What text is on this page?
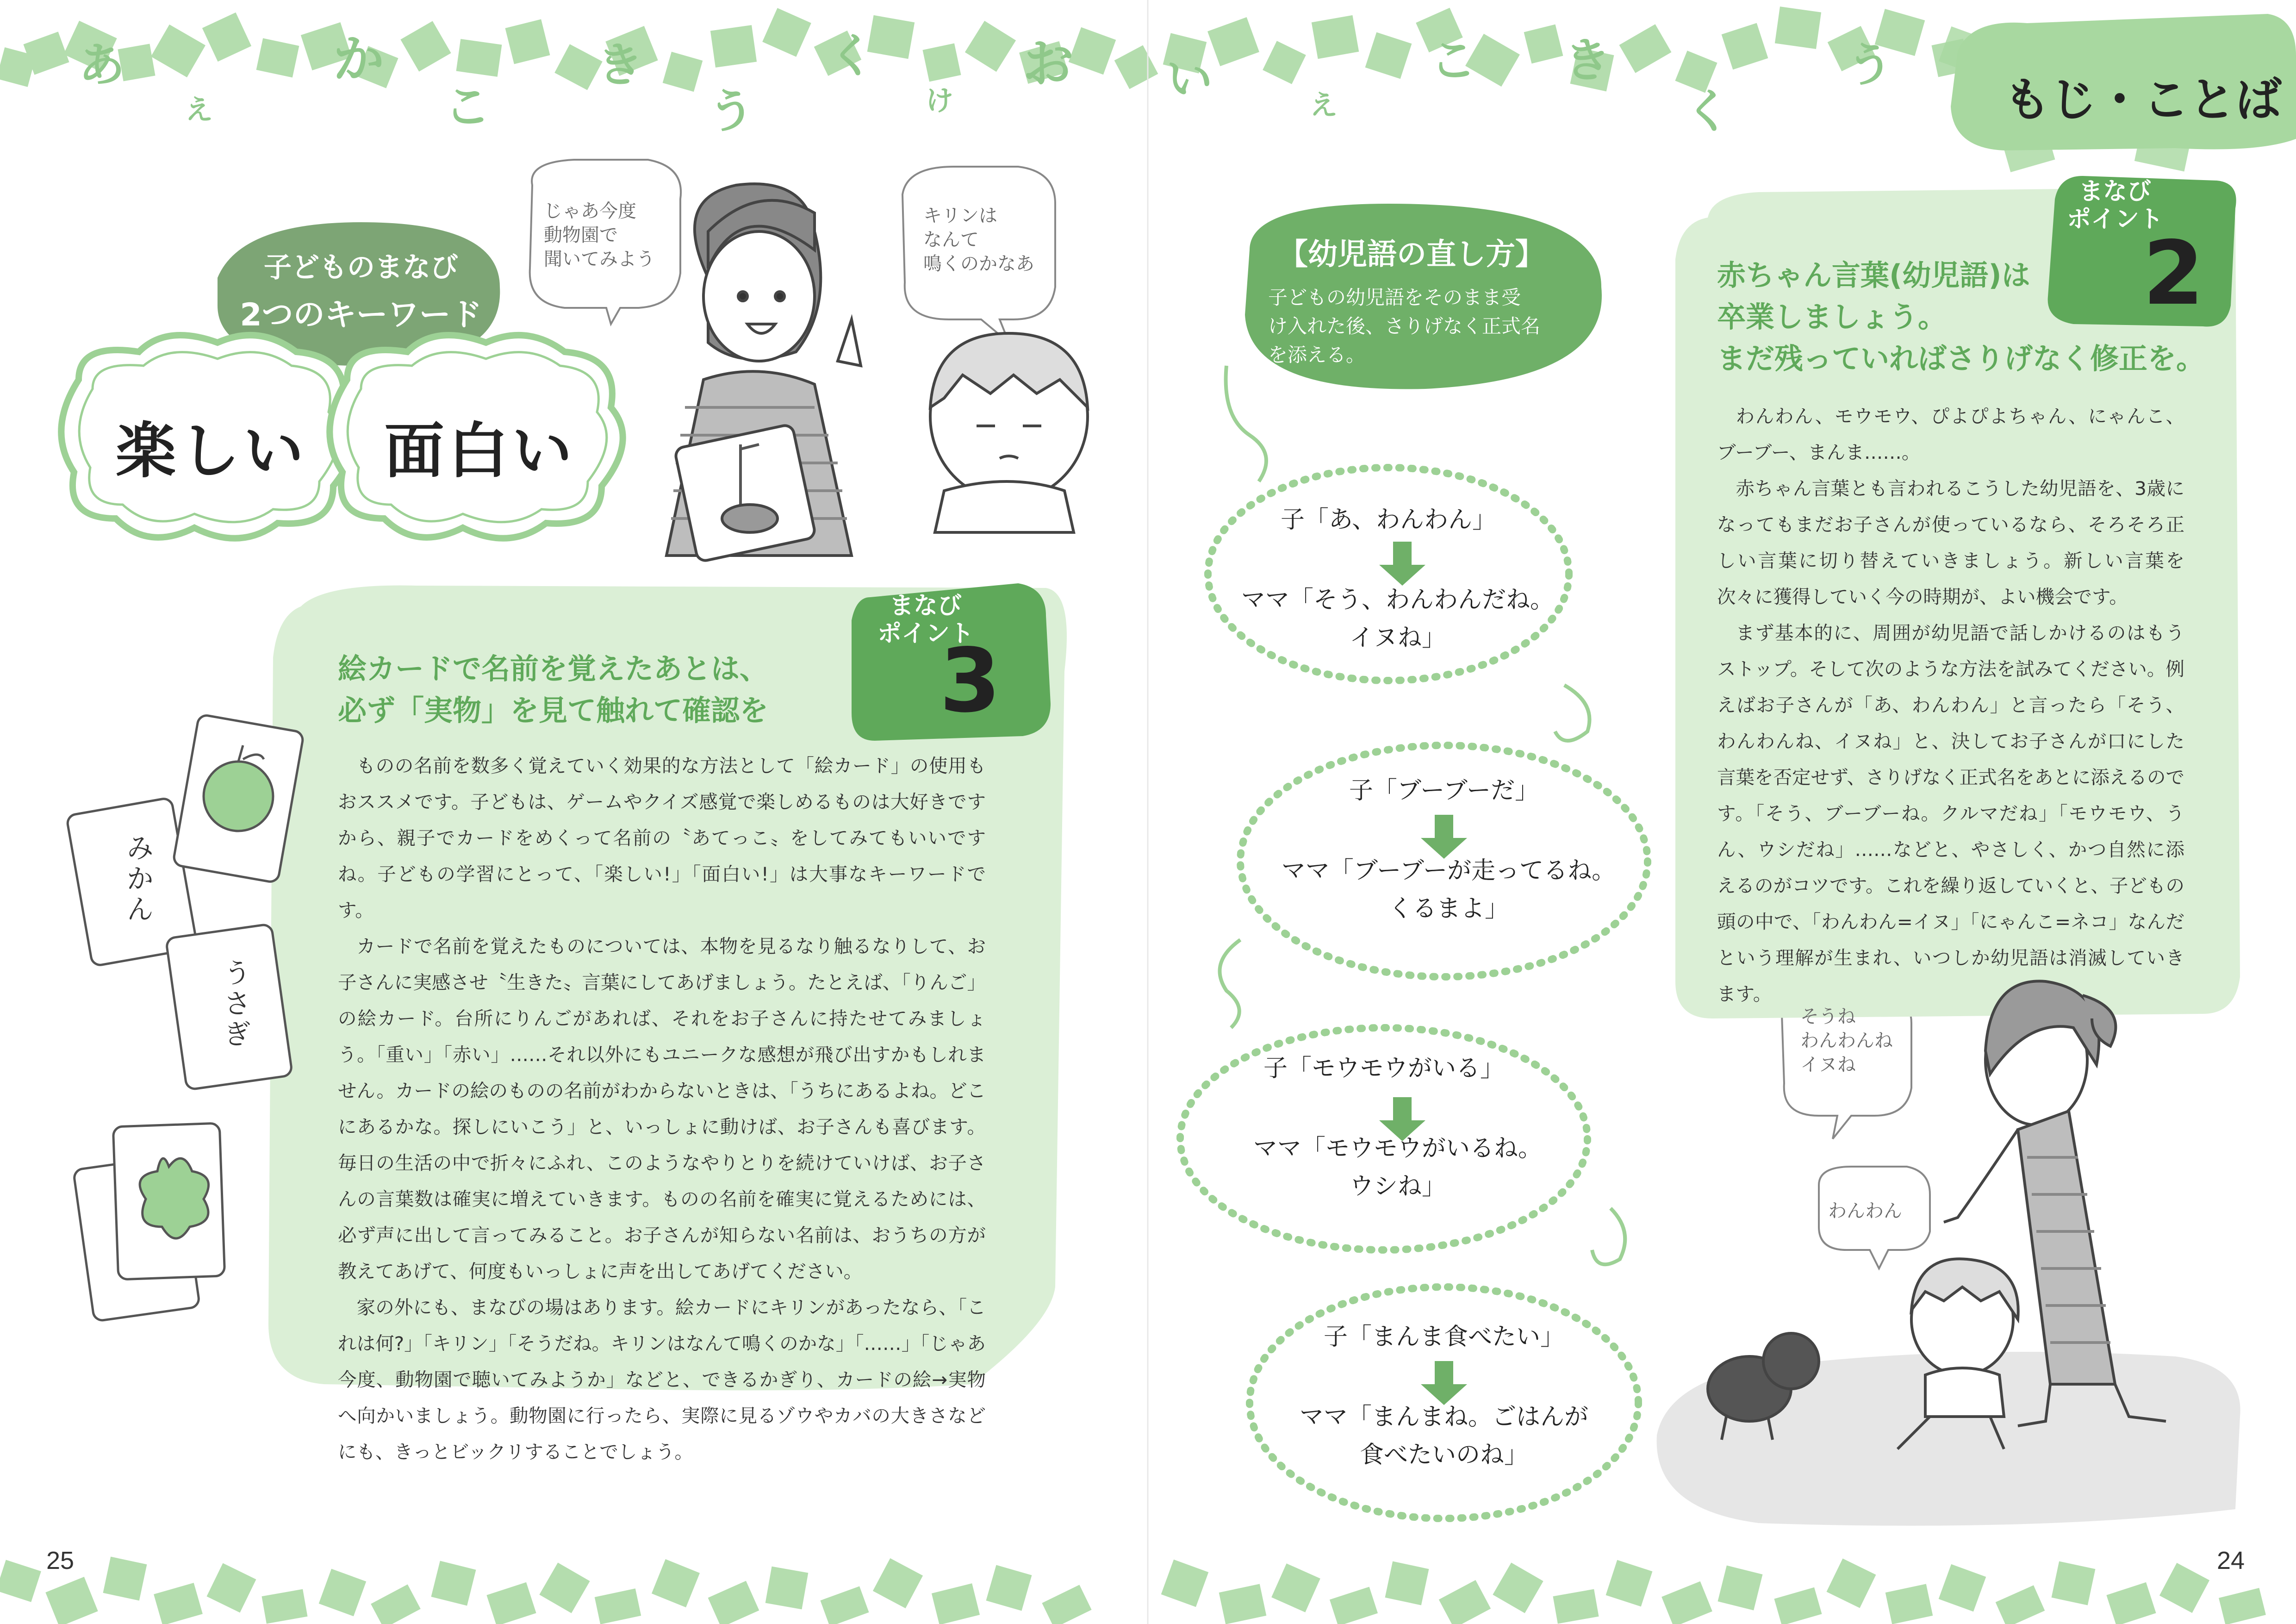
あ
え
か
こ
き
う
く
け
お い	え
こ き
く
う
もじ・ことば
子どものまなび
2つのキーワード
楽しい 面白い
じゃあ今度
動物園で
聞いてみよう
キリンは
なんて
鳴くのかなあ
みかん
うさぎ
まなび
ポイント
3
絵カードで名前を覚えたあとは、
必ず「実物」を見て触れて確認を

ものの名前を数多く覚えていく効果的な方法として「絵カード」の使用もおススメです。子どもは、ゲームやクイズ感覚で楽しめるものは大好きですから、親子でカードをめくって名前の〝あてっこ〟をしてみてもいいですね。子どもの学習にとって、「楽しい!」「面白い!」は大事なキーワードです。

カードで名前を覚えたものについては、本物を見るなり触るなりして、お子さんに実感させ〝生きた〟言葉にしてあげましょう。たとえば、「りんご」の絵カード。台所にりんごがあれば、それをお子さんに持たせてみましょう。「重い」「赤い」……それ以外にもユニークな感想が飛び出すかもしれません。カードの絵のものの名前がわからないときは、「うちにあるよね。どこにあるかな。探しにいこう」と、いっしょに動けば、お子さんも喜びます。毎日の生活の中で折々にふれ、このようなやりとりを続けていけば、お子さんの言葉数は確実に増えていきます。ものの名前を確実に覚えるためには、必ず声に出して言ってみること。お子さんが知らない名前は、おうちの方が教えてあげて、何度もいっしょに声を出してあげてください。

家の外にも、まなびの場はあります。絵カードにキリンがあったなら、「これは何?」「キリン」「そうだね。キリンはなんて鳴くのかな」「……」「じゃあ今度、動物園で聴いてみようか」などと、できるかぎり、カードの絵→実物へ向かいましょう。動物園に行ったら、実際に見るゾウやカバの大きさなどにも、きっとビックリすることでしょう。

25
【幼児語の直し方】
子どもの幼児語をそのまま受
け入れた後、さりげなく正式名
を添える。
子「あ、わんわん」
ママ「そう、わんわんだね。
イヌね」
子「ブーブーだ」
ママ「ブーブーが走ってるね。
くるまよ」
子「モウモウがいる」
ママ「モウモウがいるね。
ウシね」
子「まんま食べたい」
ママ「まんまね。ごはんが
食べたいのね」
まなび
ポイント
2
赤ちゃん言葉(幼児語)は
卒業しましょう。
まだ残っていればさりげなく修正を。

わんわん、モウモウ、ぴよぴよちゃん、にゃんこ、ブーブー、まんま……。

赤ちゃん言葉とも言われるこうした幼児語を、3歳になってもまだお子さんが使っているなら、そろそろ正しい言葉に切り替えていきましょう。新しい言葉を次々に獲得していく今の時期が、よい機会です。

まず基本的に、周囲が幼児語で話しかけるのはもうストップ。そして次のような方法を試みてください。例えばお子さんが「あ、わんわん」と言ったら「そう、わんわんね、イヌね」と、決してお子さんが口にした言葉を否定せず、さりげなく正式名をあとに添えるのです。「そう、ブーブーね。クルマだね」「モウモウ、うん、ウシだね」……などと、やさしく、かつ自然に添えるのがコツです。これを繰り返していくと、子どもの頭の中で、「わんわん=イヌ」「にゃんこ=ネコ」なんだという理解が生まれ、いつしか幼児語は消滅していきます。

そうね
わんわんね
イヌね
わんわん
24
